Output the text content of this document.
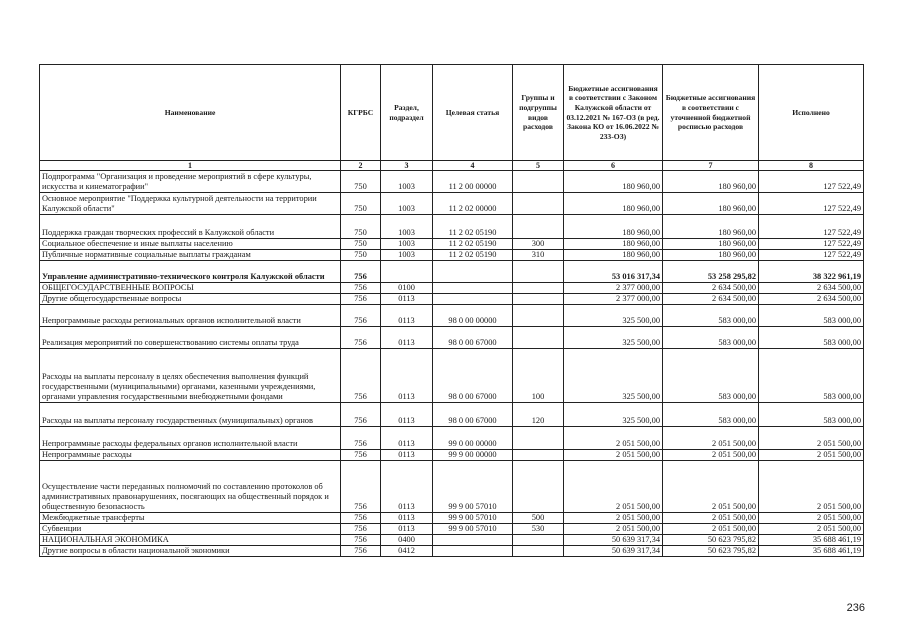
Наименование	КГРБС	Раздел, подраздел	Целевая статья	Группы и подгруппы видов расходов	Бюджетные ассигнования в соответствии с Законом Калужской области от 03.12.2021 № 167-ОЗ (в ред. Закона КО от 16.06.2022 № 233-ОЗ)	Бюджетные ассигнования в соответствии с уточненной бюджетной росписью расходов	Исполнено
1	2	3	4	5	6	7	8
Подпрограмма "Организация и проведение мероприятий в сфере культуры, искусства и кинематографии"	750	1003	11 2 00 00000		180 960,00	180 960,00	127 522,49
Основное мероприятие "Поддержка культурной деятельности на территории Калужской области"	750	1003	11 2 02 00000		180 960,00	180 960,00	127 522,49
Поддержка граждан творческих профессий в Калужской области	750	1003	11 2 02 05190		180 960,00	180 960,00	127 522,49
Социальное обеспечение и иные выплаты населению	750	1003	11 2 02 05190	300	180 960,00	180 960,00	127 522,49
Публичные нормативные социальные выплаты гражданам	750	1003	11 2 02 05190	310	180 960,00	180 960,00	127 522,49
Управление административно-технического контроля Калужской области	756				53 016 317,34	53 258 295,82	38 322 961,19
ОБЩЕГОСУДАРСТВЕННЫЕ ВОПРОСЫ	756	0100			2 377 000,00	2 634 500,00	2 634 500,00
Другие общегосударственные вопросы	756	0113			2 377 000,00	2 634 500,00	2 634 500,00
Непрограммные расходы региональных органов исполнительной власти	756	0113	98 0 00 00000		325 500,00	583 000,00	583 000,00
Реализация мероприятий по совершенствованию системы оплаты труда	756	0113	98 0 00 67000		325 500,00	583 000,00	583 000,00
Расходы на выплаты персоналу в целях обеспечения выполнения функций государственными (муниципальными) органами, казенными учреждениями, органами управления государственными внебюджетными фондами	756	0113	98 0 00 67000	100	325 500,00	583 000,00	583 000,00
Расходы на выплаты персоналу государственных (муниципальных) органов	756	0113	98 0 00 67000	120	325 500,00	583 000,00	583 000,00
Непрограммные расходы федеральных органов исполнительной власти	756	0113	99 0 00 00000		2 051 500,00	2 051 500,00	2 051 500,00
Непрограммные расходы	756	0113	99 9 00 00000		2 051 500,00	2 051 500,00	2 051 500,00
Осуществление части переданных полномочий по составлению протоколов об административных правонарушениях, посягающих на общественный порядок и общественную безопасность	756	0113	99 9 00 57010		2 051 500,00	2 051 500,00	2 051 500,00
Межбюджетные трансферты	756	0113	99 9 00 57010	500	2 051 500,00	2 051 500,00	2 051 500,00
Субвенции	756	0113	99 9 00 57010	530	2 051 500,00	2 051 500,00	2 051 500,00
НАЦИОНАЛЬНАЯ ЭКОНОМИКА	756	0400			50 639 317,34	50 623 795,82	35 688 461,19
Другие вопросы в области национальной экономики	756	0412			50 639 317,34	50 623 795,82	35 688 461,19
236
